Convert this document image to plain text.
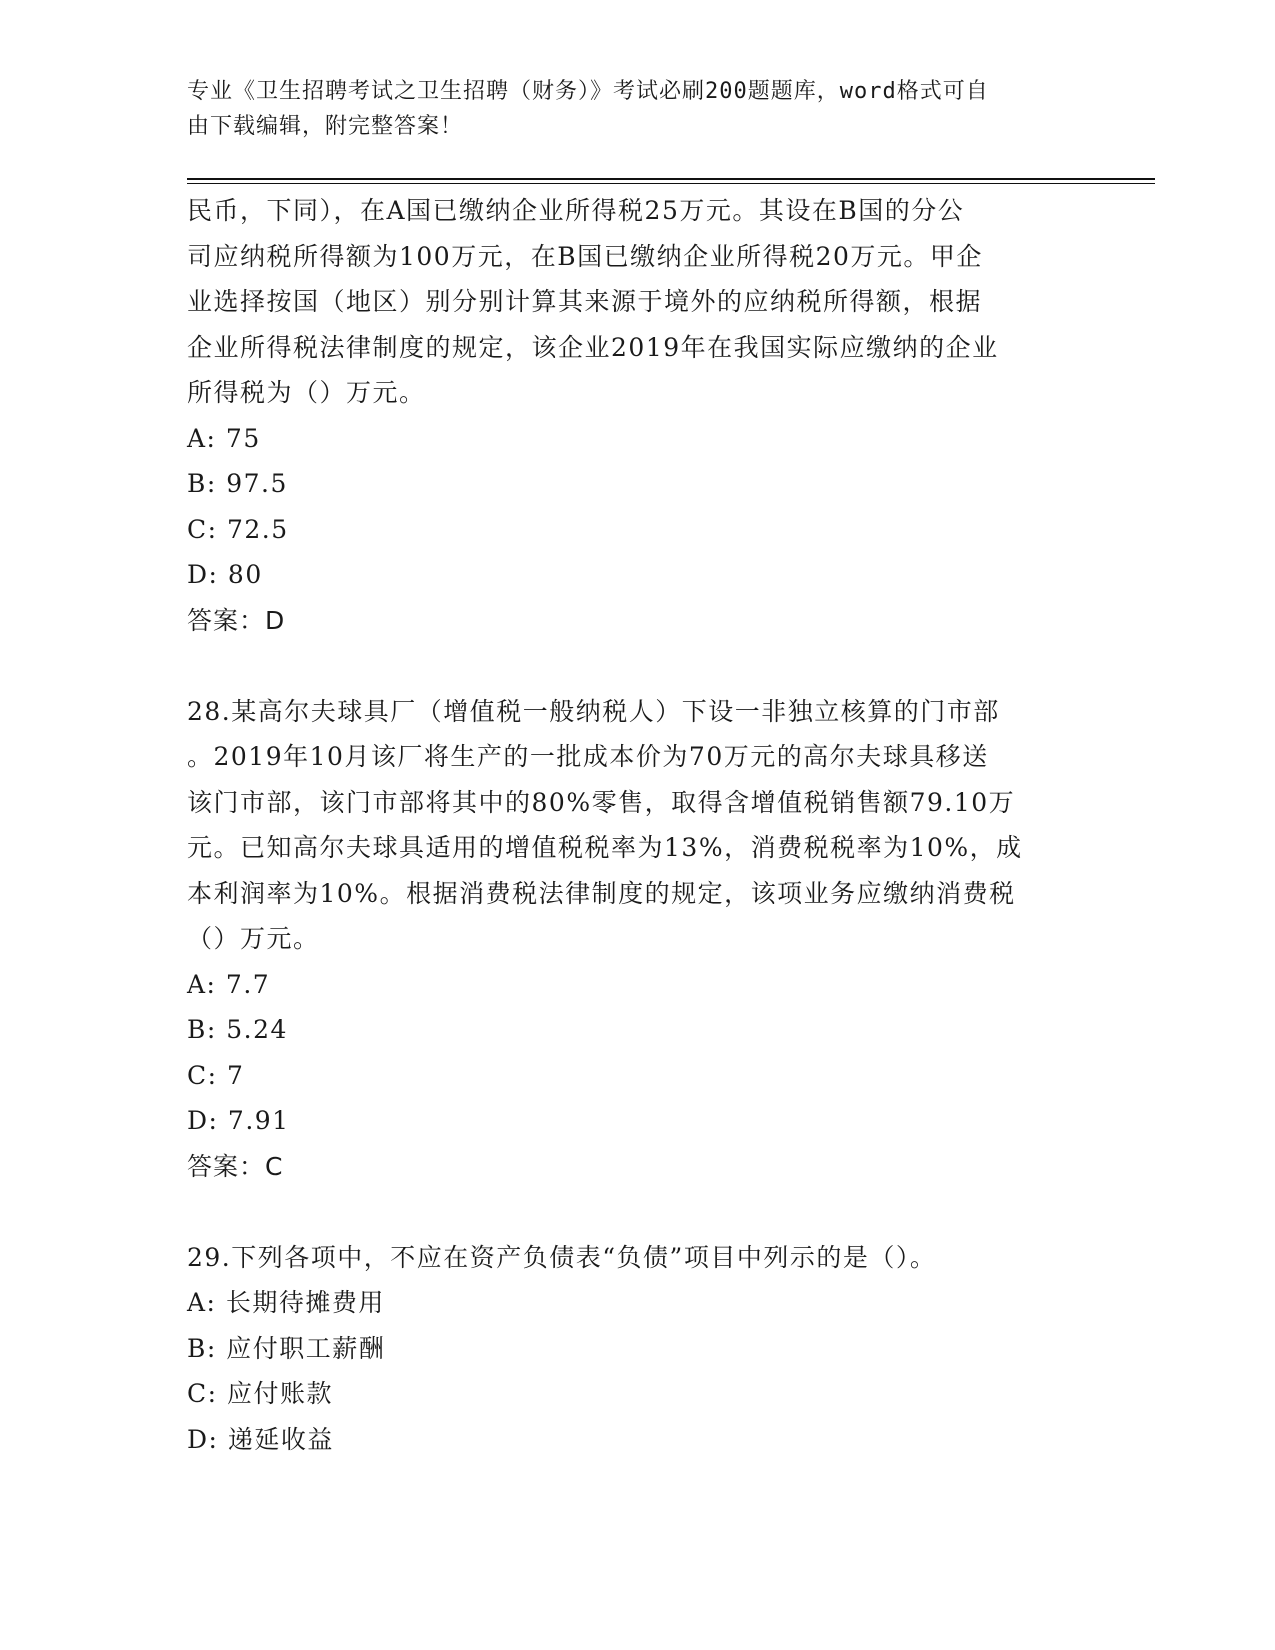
专业《卫生招聘考试之卫生招聘（财务）》考试必刷200题题库，word格式可自
由下载编辑，附完整答案！
民币，下同），在A国已缴纳企业所得税25万元。其设在B国的分公
司应纳税所得额为100万元，在B国已缴纳企业所得税20万元。甲企
业选择按国（地区）别分别计算其来源于境外的应纳税所得额，根据
企业所得税法律制度的规定，该企业2019年在我国实际应缴纳的企业
所得税为（）万元。
A: 75
B: 97.5
C: 72.5
D: 80
答案：D
28.某高尔夫球具厂（增值税一般纳税人）下设一非独立核算的门市部
。2019年10月该厂将生产的一批成本价为70万元的高尔夫球具移送
该门市部，该门市部将其中的80%零售，取得含增值税销售额79.10万
元。已知高尔夫球具适用的增值税税率为13%，消费税税率为10%，成
本利润率为10%。根据消费税法律制度的规定，该项业务应缴纳消费税
（）万元。
A: 7.7
B: 5.24
C: 7
D: 7.91
答案：C
29.下列各项中，不应在资产负债表“负债”项目中列示的是（）。
A: 长期待摊费用
B: 应付职工薪酬
C: 应付账款
D: 递延收益
